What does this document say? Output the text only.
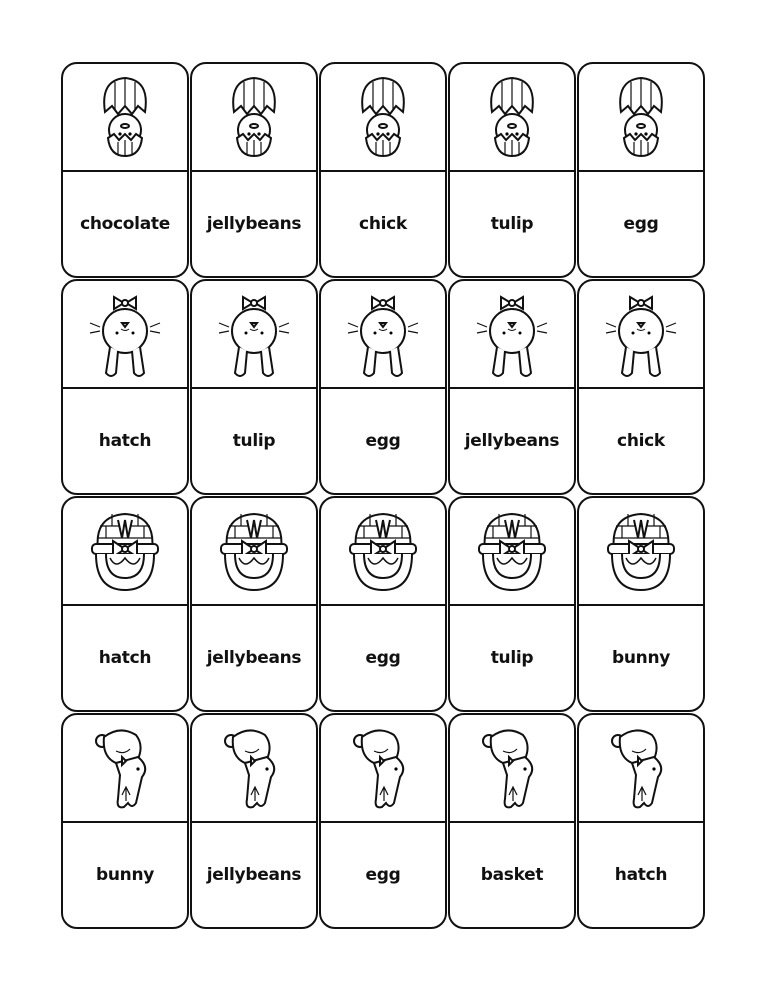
chocolate	jellybeans	chick	tulip	egg
hatch	tulip	egg	jellybeans	chick
hatch	jellybeans	egg	tulip	bunny
bunny	jellybeans	egg	basket	hatch
